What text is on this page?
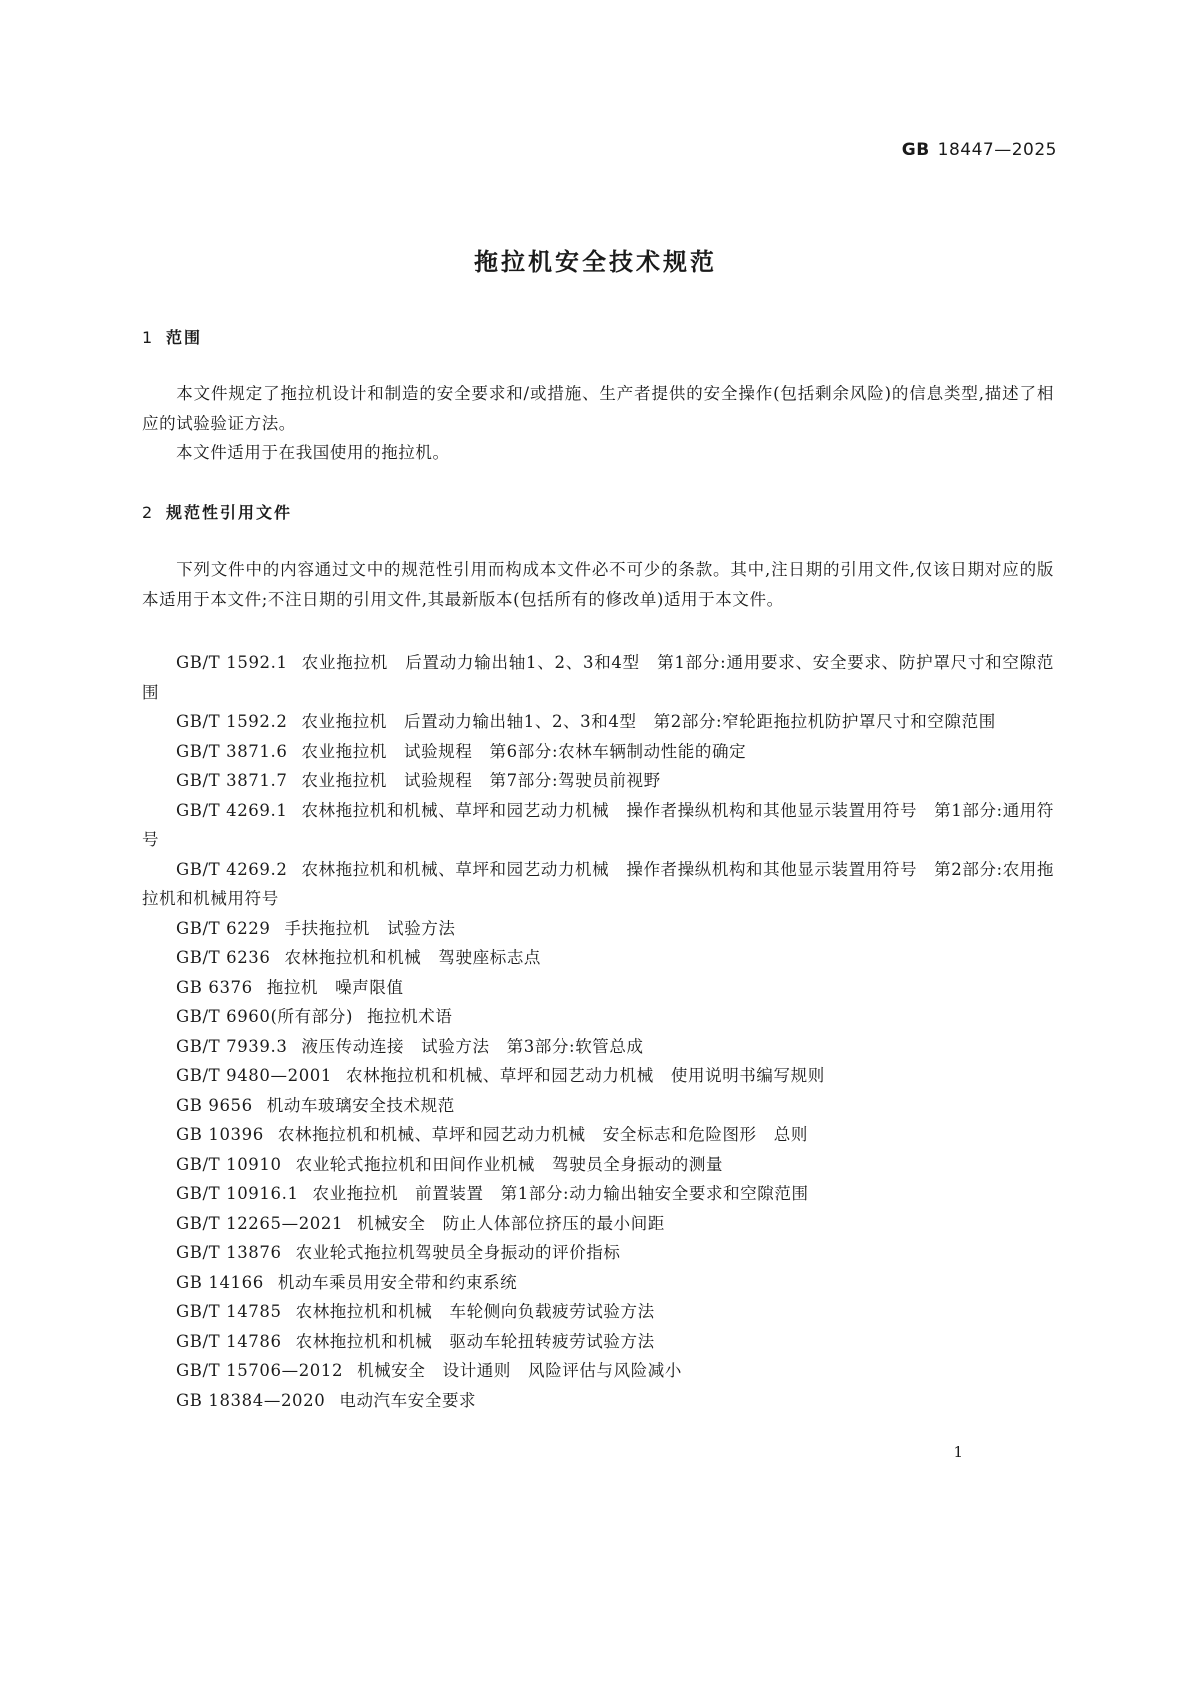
GB 18447—2025
拖拉机安全技术规范
1 范围
本文件规定了拖拉机设计和制造的安全要求和/或措施、生产者提供的安全操作(包括剩余风险)的信息类型,描述了相应的试验验证方法。
本文件适用于在我国使用的拖拉机。
2 规范性引用文件
下列文件中的内容通过文中的规范性引用而构成本文件必不可少的条款。其中,注日期的引用文件,仅该日期对应的版本适用于本文件;不注日期的引用文件,其最新版本(包括所有的修改单)适用于本文件。
GB/T 1592.1 农业拖拉机　后置动力输出轴1、2、3和4型　第1部分:通用要求、安全要求、防护罩尺寸和空隙范围
GB/T 1592.2 农业拖拉机　后置动力输出轴1、2、3和4型　第2部分:窄轮距拖拉机防护罩尺寸和空隙范围
GB/T 3871.6 农业拖拉机　试验规程　第6部分:农林车辆制动性能的确定
GB/T 3871.7 农业拖拉机　试验规程　第7部分:驾驶员前视野
GB/T 4269.1 农林拖拉机和机械、草坪和园艺动力机械　操作者操纵机构和其他显示装置用符号　第1部分:通用符号
GB/T 4269.2 农林拖拉机和机械、草坪和园艺动力机械　操作者操纵机构和其他显示装置用符号　第2部分:农用拖拉机和机械用符号
GB/T 6229 手扶拖拉机　试验方法
GB/T 6236 农林拖拉机和机械　驾驶座标志点
GB 6376 拖拉机　噪声限值
GB/T 6960(所有部分) 拖拉机术语
GB/T 7939.3 液压传动连接　试验方法　第3部分:软管总成
GB/T 9480—2001 农林拖拉机和机械、草坪和园艺动力机械　使用说明书编写规则
GB 9656 机动车玻璃安全技术规范
GB 10396 农林拖拉机和机械、草坪和园艺动力机械　安全标志和危险图形　总则
GB/T 10910 农业轮式拖拉机和田间作业机械　驾驶员全身振动的测量
GB/T 10916.1 农业拖拉机　前置装置　第1部分:动力输出轴安全要求和空隙范围
GB/T 12265—2021 机械安全　防止人体部位挤压的最小间距
GB/T 13876 农业轮式拖拉机驾驶员全身振动的评价指标
GB 14166 机动车乘员用安全带和约束系统
GB/T 14785 农林拖拉机和机械　车轮侧向负载疲劳试验方法
GB/T 14786 农林拖拉机和机械　驱动车轮扭转疲劳试验方法
GB/T 15706—2012 机械安全　设计通则　风险评估与风险减小
GB 18384—2020 电动汽车安全要求
1
